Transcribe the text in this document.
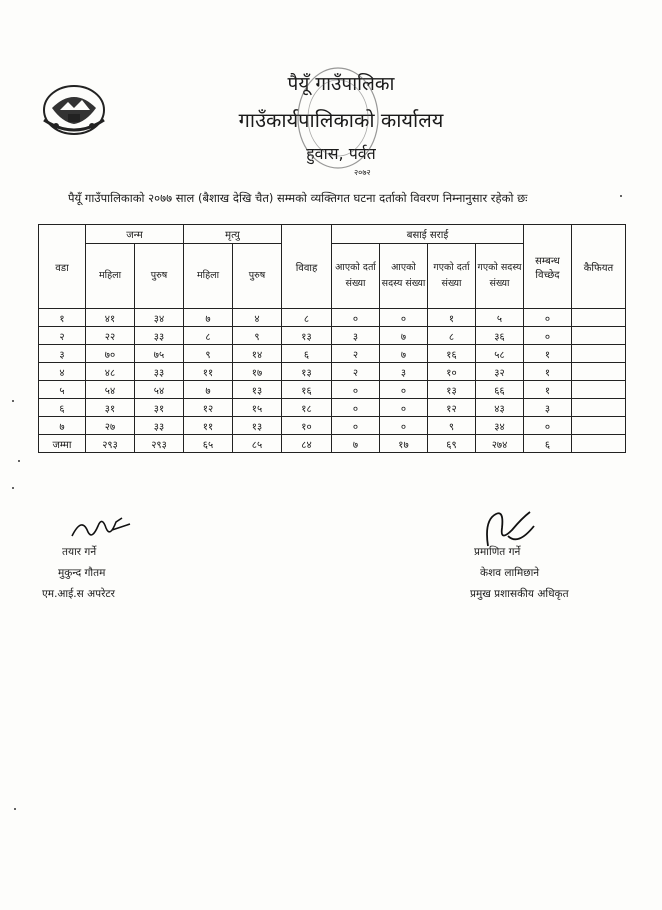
पैयूँ गाउँपालिका
गाउँकार्यपालिकाको कार्यालय
हुवास, पर्वत
२०७२
पैयूँ गाउँपालिकाको २०७७ साल (बैशाख देखि चैत) सम्मको व्यक्तिगत घटना दर्ताको विवरण निम्नानुसार रहेको छः
वडा	जन्म		मृत्यु		विवाह	बसाई सराई				सम्बन्ध विच्छेद	कैफियत
	महिला	पुरुष	महिला	पुरुष		आएको दर्ता संख्या	आएको सदस्य संख्या	गएको दर्ता संख्या	गएको सदस्य संख्या		
१	४१	३४	७	४	८	०	०	१	५	०	
२	२२	३३	८	९	१३	३	७	८	३६	०	
३	७०	७५	९	१४	६	२	७	१६	५८	१	
४	४८	३३	११	१७	१३	२	३	१०	३२	१	
५	५४	५४	७	१३	१६	०	०	१३	६६	१	
६	३१	३१	१२	१५	१८	०	०	१२	४३	३	
७	२७	३३	११	१३	१०	०	०	९	३४	०	
जम्मा	२९३	२९३	६५	८५	८४	७	१७	६९	२७४	६	
तयार गर्ने
मुकुन्द गौतम
एम.आई.स अपरेटर
प्रमाणित गर्ने
केशव लामिछाने
प्रमुख प्रशासकीय अधिकृत
